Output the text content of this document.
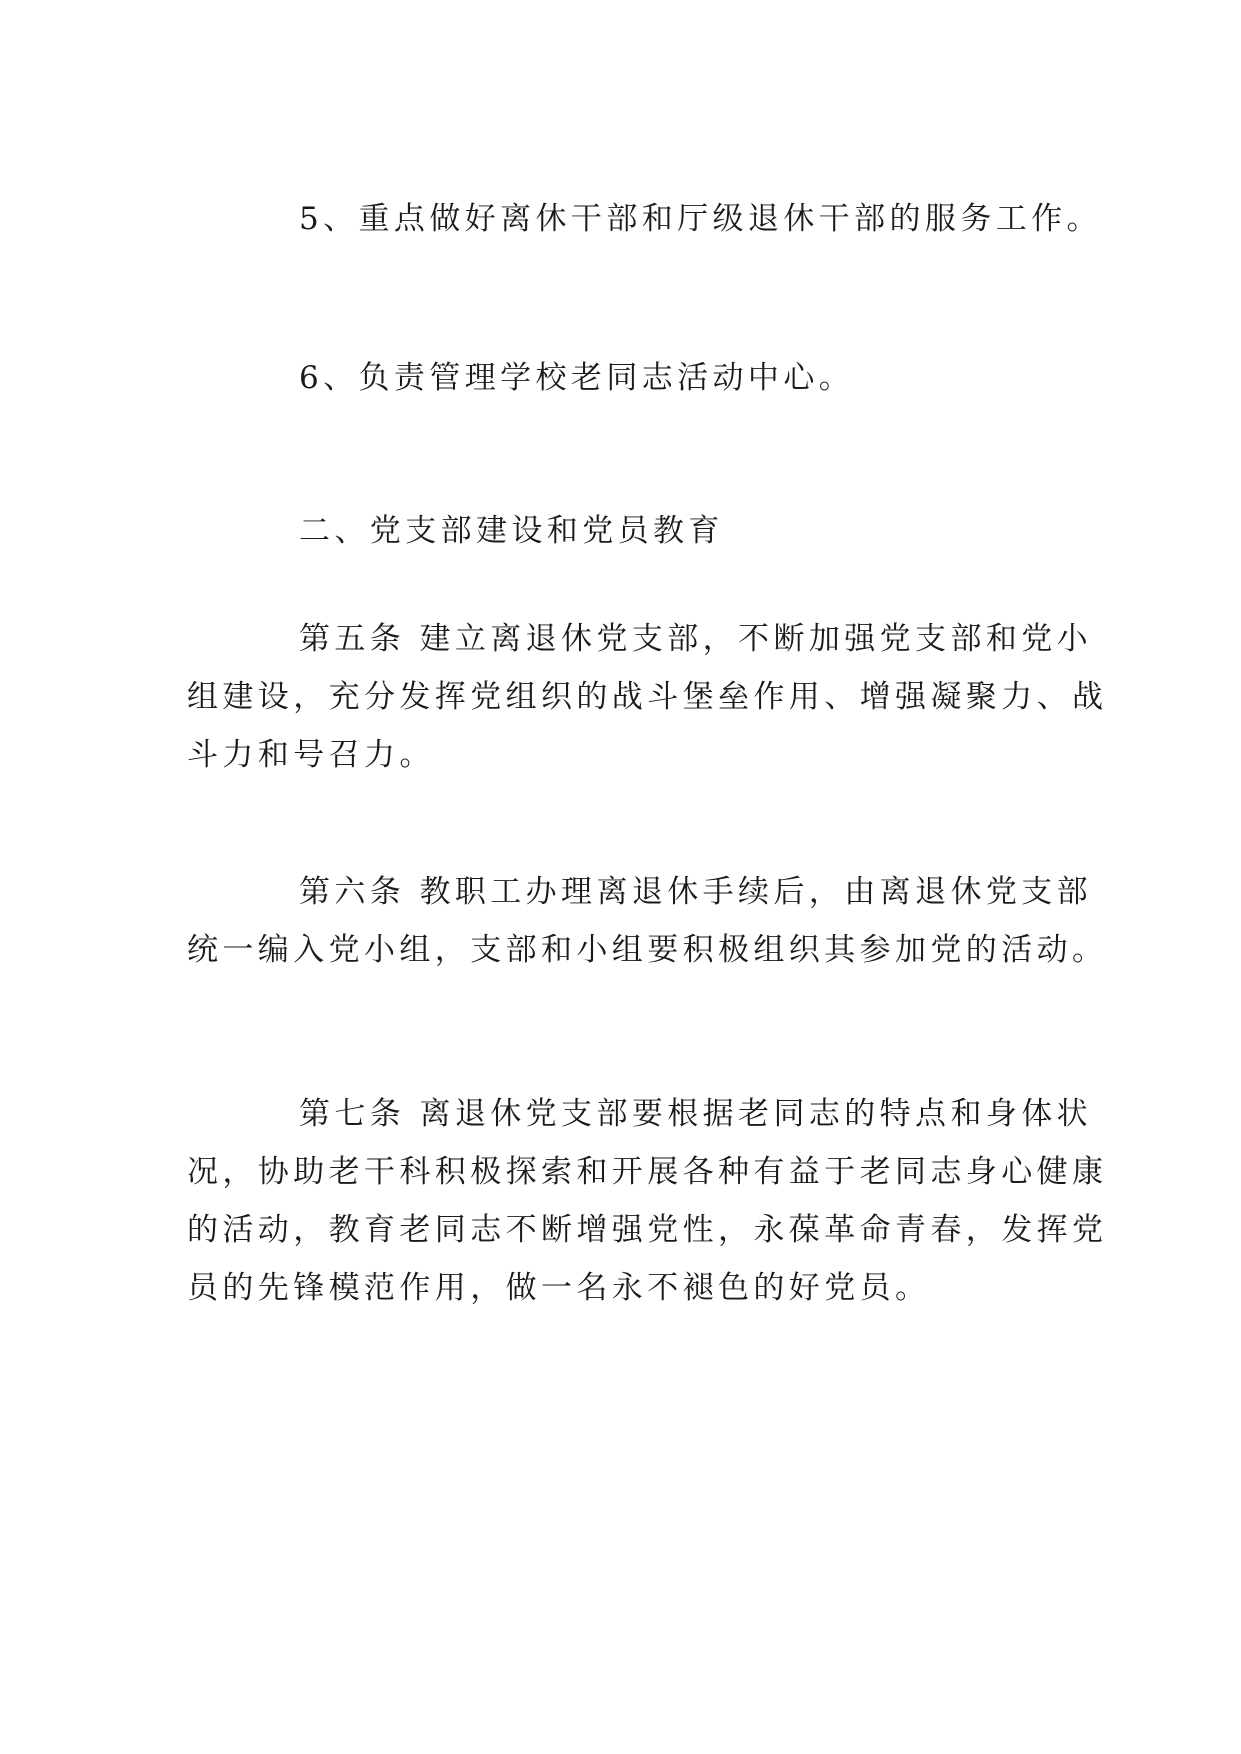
5、重点做好离休干部和厅级退休干部的服务工作。

6、负责管理学校老同志活动中心。

二、党支部建设和党员教育

第五条 建立离退休党支部，不断加强党支部和党小
组建设，充分发挥党组织的战斗堡垒作用、增强凝聚力、战
斗力和号召力。

第六条 教职工办理离退休手续后，由离退休党支部
统一编入党小组，支部和小组要积极组织其参加党的活动。

第七条 离退休党支部要根据老同志的特点和身体状
况，协助老干科积极探索和开展各种有益于老同志身心健康
的活动，教育老同志不断增强党性，永葆革命青春，发挥党
员的先锋模范作用，做一名永不褪色的好党员。
